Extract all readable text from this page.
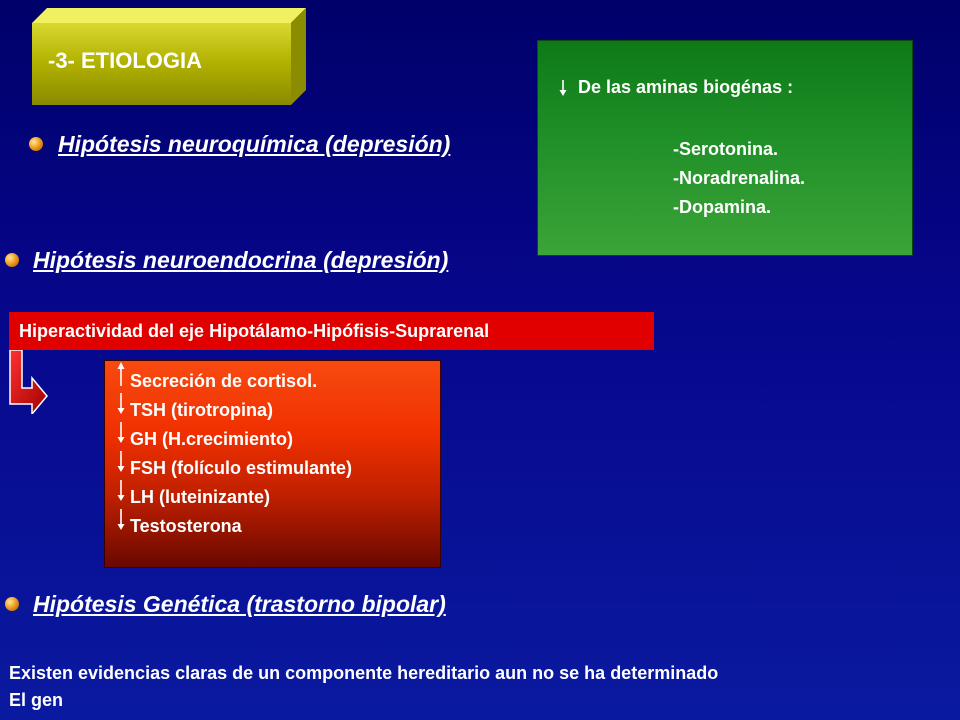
-3- ETIOLOGIA
Hipótesis neuroquímica (depresión)
De las aminas biogénas :
-Serotonina.
-Noradrenalina.
-Dopamina.
Hipótesis neuroendocrina (depresión)
Hiperactividad del eje Hipotálamo-Hipófisis-Suprarenal
Secreción de cortisol.
TSH (tirotropina)
GH (H.crecimiento)
FSH (folículo estimulante)
LH (luteinizante)
Testosterona
Hipótesis Genética (trastorno bipolar)
Existen evidencias claras de un componente hereditario aun no se ha determinado
El gen
